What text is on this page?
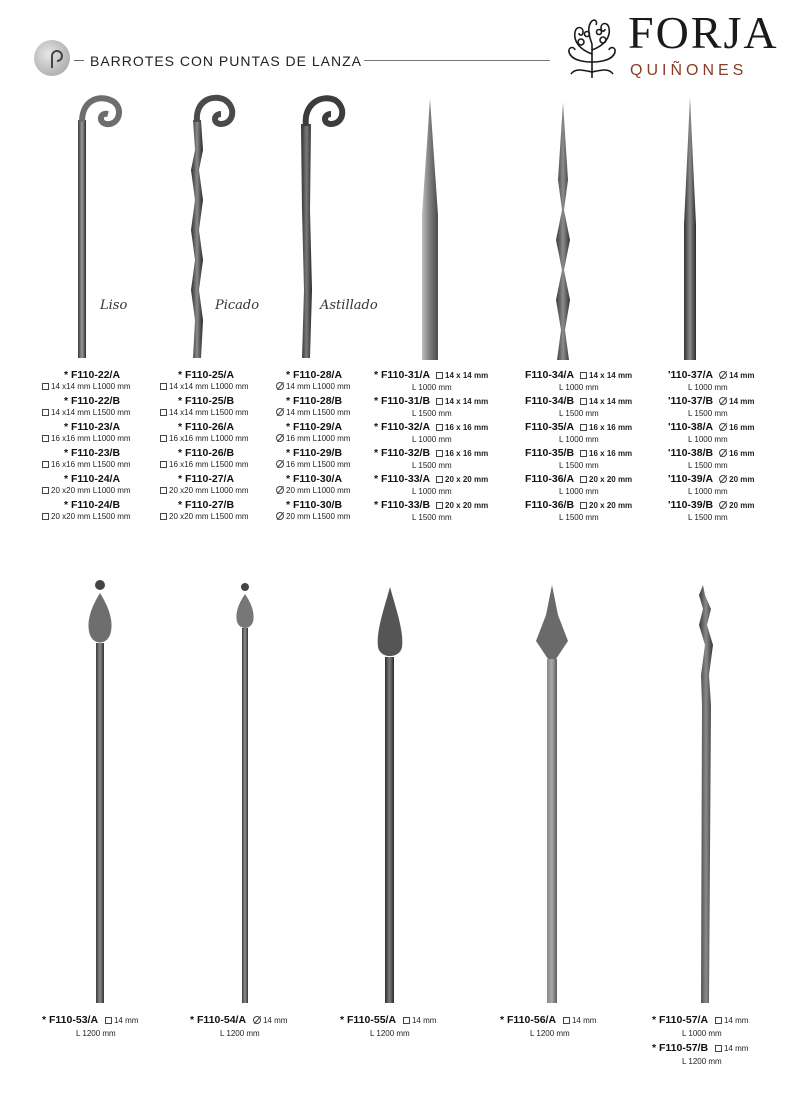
BARROTES CON PUNTAS DE LANZA
FORJA
QUIÑONES
Liso	Picado	Astillado
* F110-22/A
14 x14 mm L1000 mm
* F110-22/B
14 x14 mm L1500 mm
* F110-23/A
16 x16 mm L1000 mm
* F110-23/B
16 x16 mm L1500 mm
* F110-24/A
20 x20 mm L1000 mm
* F110-24/B
20 x20 mm L1500 mm
* F110-25/A
14 x14 mm L1000 mm
* F110-25/B
14 x14 mm L1500 mm
* F110-26/A
16 x16 mm L1000 mm
* F110-26/B
16 x16 mm L1500 mm
* F110-27/A
20 x20 mm L1000 mm
* F110-27/B
20 x20 mm L1500 mm
* F110-28/A
14 mm L1000 mm
* F110-28/B
14 mm L1500 mm
* F110-29/A
16 mm L1000 mm
* F110-29/B
16 mm L1500 mm
* F110-30/A
20 mm L1000 mm
* F110-30/B
20 mm L1500 mm
* F110-31/A 14 x 14 mm
L 1000 mm
* F110-31/B 14 x 14 mm
L 1500 mm
* F110-32/A 16 x 16 mm
L 1000 mm
* F110-32/B 16 x 16 mm
L 1500 mm
* F110-33/A 20 x 20 mm
L 1000 mm
* F110-33/B 20 x 20 mm
L 1500 mm
F110-34/A 14 x 14 mm
L 1000 mm
F110-34/B 14 x 14 mm
L 1500 mm
F110-35/A 16 x 16 mm
L 1000 mm
F110-35/B 16 x 16 mm
L 1500 mm
F110-36/A 20 x 20 mm
L 1000 mm
F110-36/B 20 x 20 mm
L 1500 mm
'110-37/A 14 mm
L 1000 mm
'110-37/B 14 mm
L 1500 mm
'110-38/A 16 mm
L 1000 mm
'110-38/B 16 mm
L 1500 mm
'110-39/A 20 mm
L 1000 mm
'110-39/B 20 mm
L 1500 mm
* F110-53/A 14 mm
L 1200 mm
* F110-54/A 14 mm
L 1200 mm
* F110-55/A 14 mm
L 1200 mm
* F110-56/A 14 mm
L 1200 mm
* F110-57/A 14 mm
L 1000 mm
* F110-57/B 14 mm
L 1200 mm
